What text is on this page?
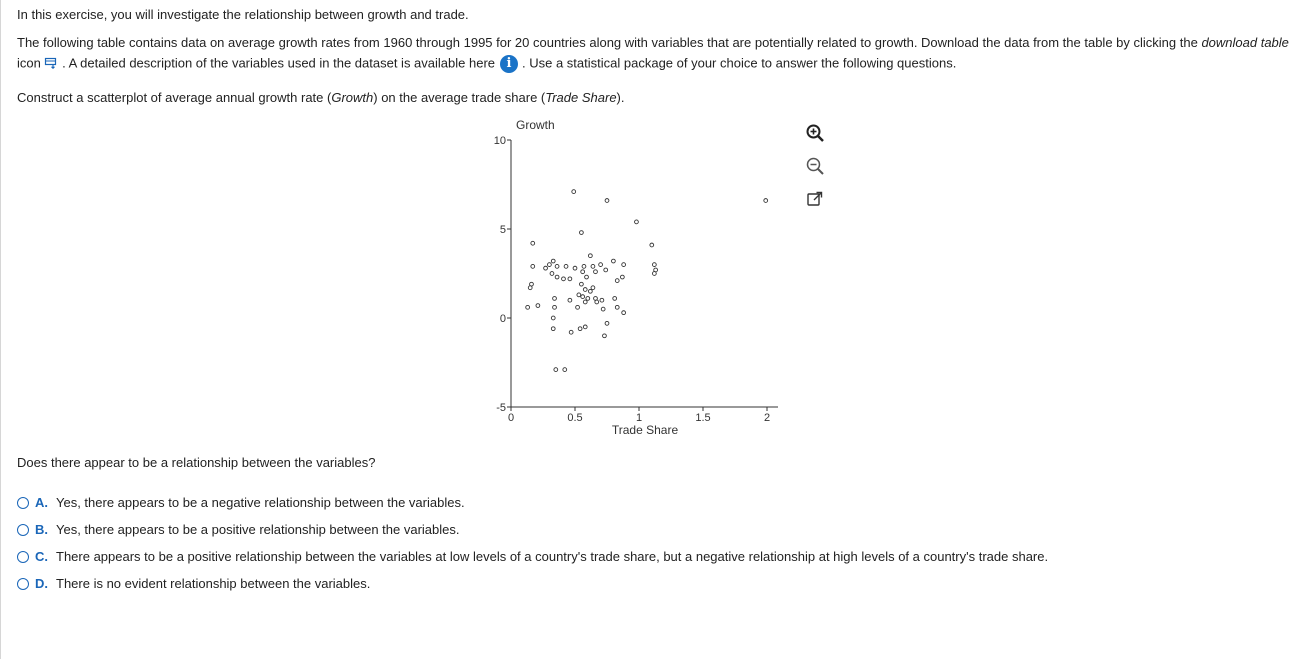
In this exercise, you will investigate the relationship between growth and trade.
The following table contains data on average growth rates from 1960 through 1995 for 20 countries along with variables that are potentially related to growth. Download the data from the table by clicking the download table
icon . A detailed description of the variables used in the dataset is available here i . Use a statistical package of your choice to answer the following questions.
Construct a scatterplot of average annual growth rate (Growth) on the average trade share (Trade Share).
10
5
0
-5
0	0.5	1	1.5	2
Growth
Trade Share
Does there appear to be a relationship between the variables?
A. Yes, there appears to be a negative relationship between the variables.
B. Yes, there appears to be a positive relationship between the variables.
C. There appears to be a positive relationship between the variables at low levels of a country's trade share, but a negative relationship at high levels of a country's trade share.
D. There is no evident relationship between the variables.
